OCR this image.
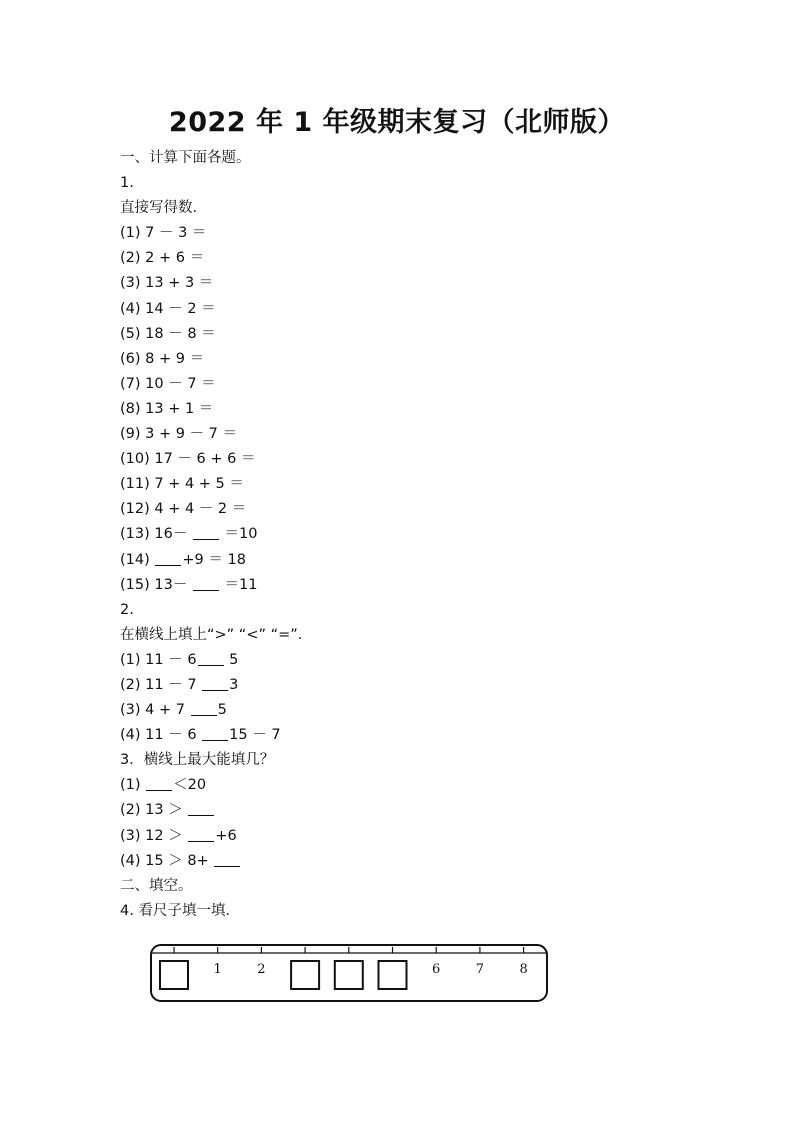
2022 年 1 年级期末复习（北师版）
一、计算下面各题。
1.
直接写得数．
(1) 7 － 3 ＝
(2) 2 + 6 ＝
(3) 13 + 3 ＝
(4) 14 － 2 ＝
(5) 18 － 8 ＝
(6) 8 + 9 ＝
(7) 10 － 7 ＝
(8) 13 + 1 ＝
(9) 3 + 9 － 7 ＝
(10) 17 － 6 + 6 ＝
(11) 7 + 4 + 5 ＝
(12) 4 + 4 － 2 ＝
(13) 16－  ＝10
(14) +9 ＝ 18
(15) 13－  ＝11
2.
在横线上填上“>” “<” “=”．
(1) 11 － 6 5
(2) 11 － 7 3
(3) 4 + 7 5
(4) 11 － 6 15 － 7
3．横线上最大能填几？
(1) ＜20
(2) 13 ＞
(3) 12 ＞ +6
(4) 15 ＞ 8+
二、填空。
4. 看尺子填一填．
1	2	6	7	8
